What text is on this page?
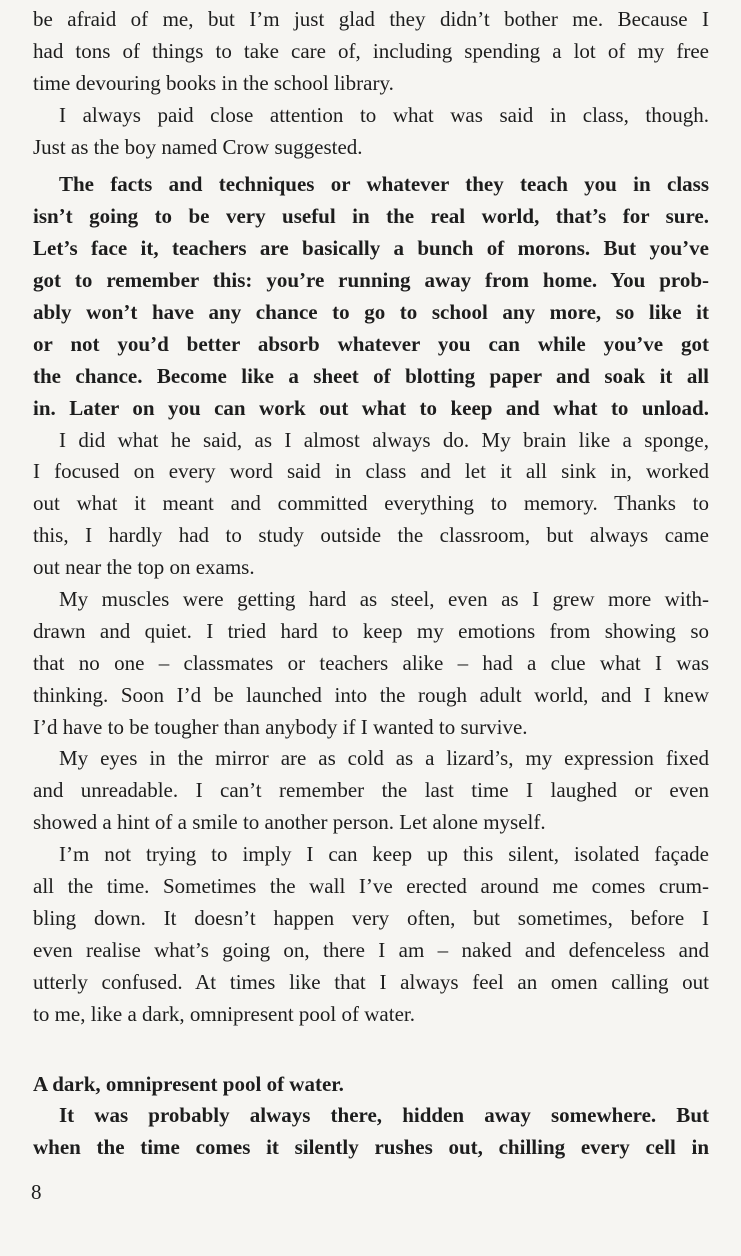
be afraid of me, but I’m just glad they didn’t bother me. Because I
had tons of things to take care of, including spending a lot of my free
time devouring books in the school library.
I always paid close attention to what was said in class, though.
Just as the boy named Crow suggested.
The facts and techniques or whatever they teach you in class
isn’t going to be very useful in the real world, that’s for sure.
Let’s face it, teachers are basically a bunch of morons. But you’ve
got to remember this: you’re running away from home. You prob-
ably won’t have any chance to go to school any more, so like it
or not you’d better absorb whatever you can while you’ve got
the chance. Become like a sheet of blotting paper and soak it all
in. Later on you can work out what to keep and what to unload.
I did what he said, as I almost always do. My brain like a sponge,
I focused on every word said in class and let it all sink in, worked
out what it meant and committed everything to memory. Thanks to
this, I hardly had to study outside the classroom, but always came
out near the top on exams.
My muscles were getting hard as steel, even as I grew more with-
drawn and quiet. I tried hard to keep my emotions from showing so
that no one – classmates or teachers alike – had a clue what I was
thinking. Soon I’d be launched into the rough adult world, and I knew
I’d have to be tougher than anybody if I wanted to survive.
My eyes in the mirror are as cold as a lizard’s, my expression fixed
and unreadable. I can’t remember the last time I laughed or even
showed a hint of a smile to another person. Let alone myself.
I’m not trying to imply I can keep up this silent, isolated façade
all the time. Sometimes the wall I’ve erected around me comes crum-
bling down. It doesn’t happen very often, but sometimes, before I
even realise what’s going on, there I am – naked and defenceless and
utterly confused. At times like that I always feel an omen calling out
to me, like a dark, omnipresent pool of water.
A dark, omnipresent pool of water.
It was probably always there, hidden away somewhere. But
when the time comes it silently rushes out, chilling every cell in
8
